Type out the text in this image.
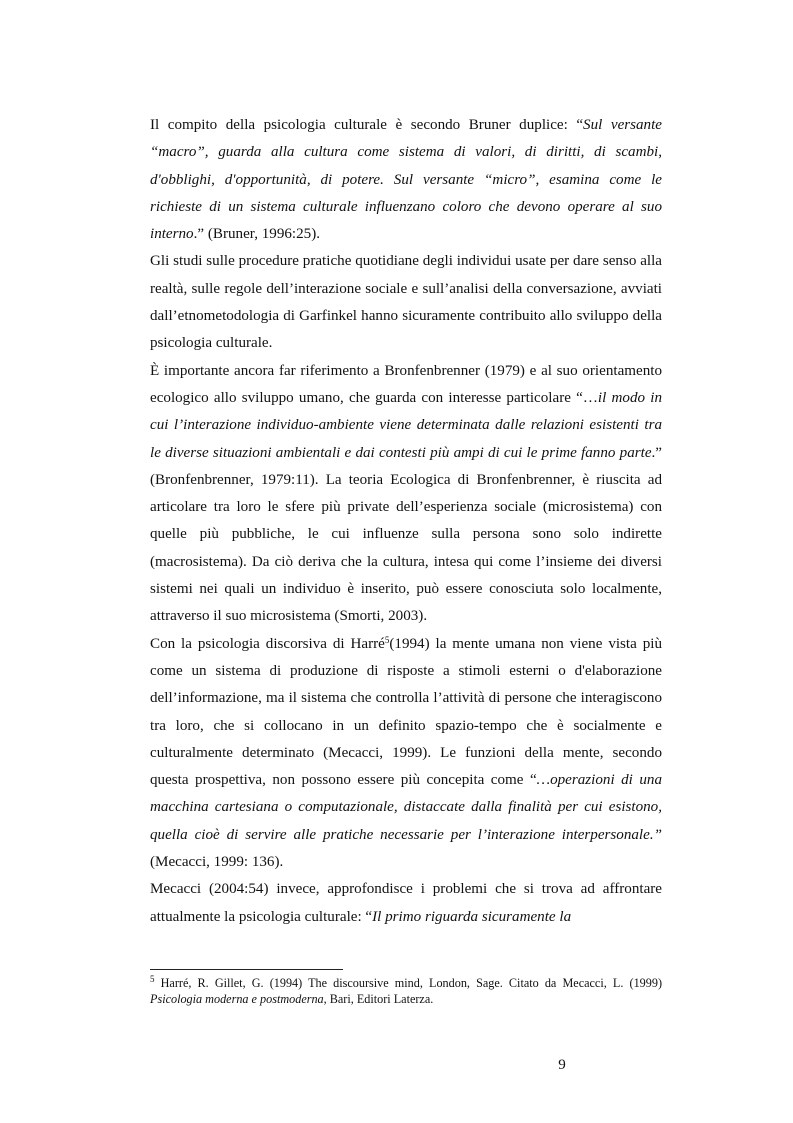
Il compito della psicologia culturale è secondo Bruner duplice: “Sul versante “macro”, guarda alla cultura come sistema di valori, di diritti, di scambi, d'obblighi, d'opportunità, di potere. Sul versante “micro”, esamina come le richieste di un sistema culturale influenzano coloro che devono operare al suo interno.” (Bruner, 1996:25).

Gli studi sulle procedure pratiche quotidiane degli individui usate per dare senso alla realtà, sulle regole dell’interazione sociale e sull’analisi della conversazione, avviati dall’etnometodologia di Garfinkel hanno sicuramente contribuito allo sviluppo della psicologia culturale.

È importante ancora far riferimento a Bronfenbrenner (1979) e al suo orientamento ecologico allo sviluppo umano, che guarda con interesse particolare “…il modo in cui l’interazione individuo-ambiente viene determinata dalle relazioni esistenti tra le diverse situazioni ambientali e dai contesti più ampi di cui le prime fanno parte.” (Bronfenbrenner, 1979:11). La teoria Ecologica di Bronfenbrenner, è riuscita ad articolare tra loro le sfere più private dell’esperienza sociale (microsistema) con quelle più pubbliche, le cui influenze sulla persona sono solo indirette (macrosistema). Da ciò deriva che la cultura, intesa qui come l’insieme dei diversi sistemi nei quali un individuo è inserito, può essere conosciuta solo localmente, attraverso il suo microsistema (Smorti, 2003).

Con la psicologia discorsiva di Harré$^5$(1994) la mente umana non viene vista più come un sistema di produzione di risposte a stimoli esterni o d'elaborazione dell’informazione, ma il sistema che controlla l’attività di persone che interagiscono tra loro, che si collocano in un definito spazio-tempo che è socialmente e culturalmente determinato (Mecacci, 1999). Le funzioni della mente, secondo questa prospettiva, non possono essere più concepita come “…operazioni di una macchina cartesiana o computazionale, distaccate dalla finalità per cui esistono, quella cioè di servire alle pratiche necessarie per l’interazione interpersonale.” (Mecacci, 1999: 136).

Mecacci (2004:54) invece, approfondisce i problemi che si trova ad affrontare attualmente la psicologia culturale: “Il primo riguarda sicuramente la

$^5$ Harré, R. Gillet, G. (1994) The discoursive mind, London, Sage. Citato da Mecacci, L. (1999) Psicologia moderna e postmoderna, Bari, Editori Laterza.
9
